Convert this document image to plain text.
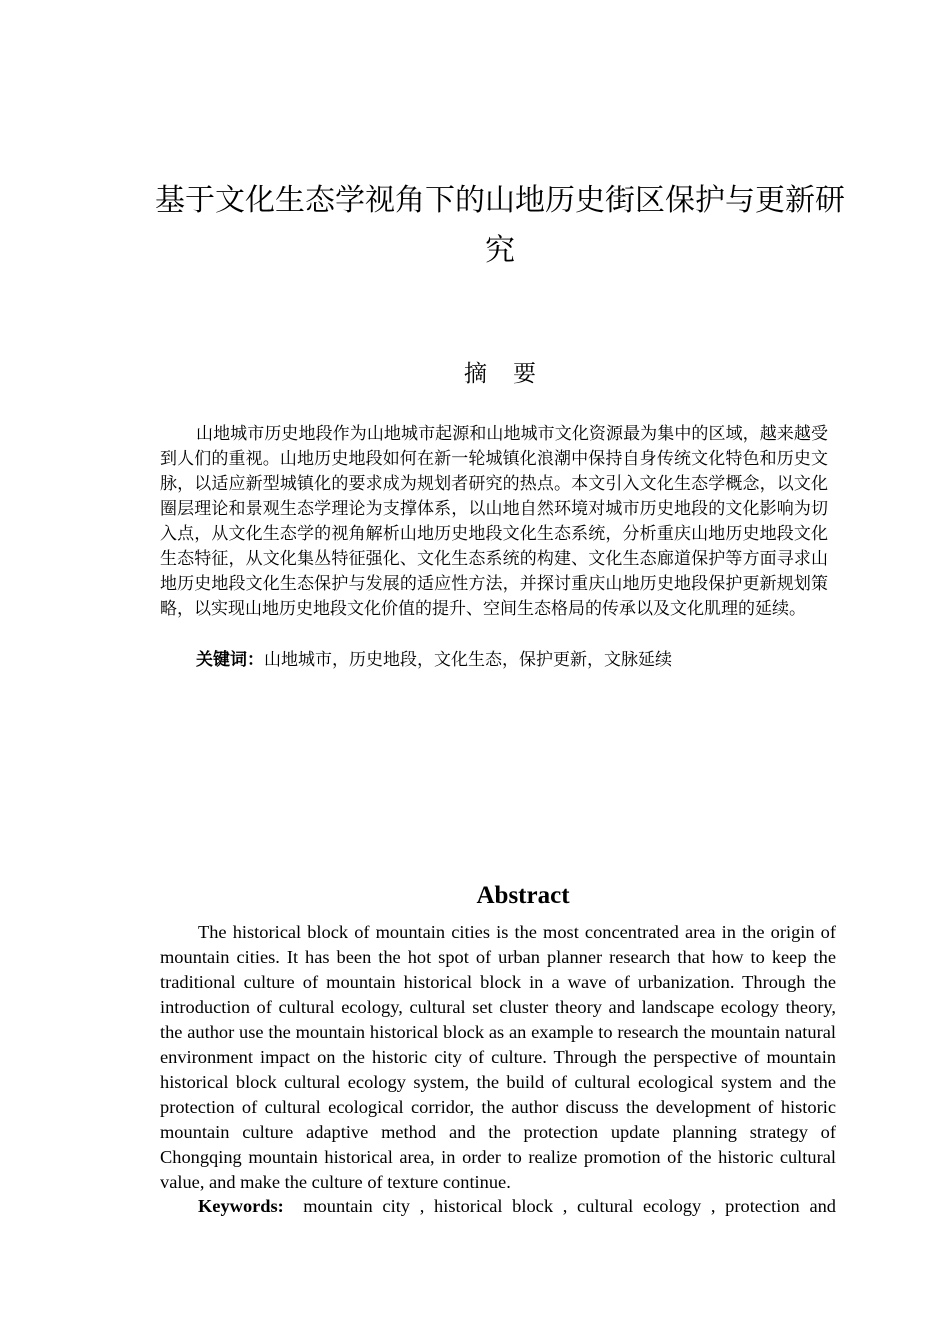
基于文化生态学视角下的山地历史街区保护与更新研究
摘要

山地城市历史地段作为山地城市起源和山地城市文化资源最为集中的区域，越来越受到人们的重视。山地历史地段如何在新一轮城镇化浪潮中保持自身传统文化特色和历史文脉，以适应新型城镇化的要求成为规划者研究的热点。本文引入文化生态学概念，以文化圈层理论和景观生态学理论为支撑体系，以山地自然环境对城市历史地段的文化影响为切入点，从文化生态学的视角解析山地历史地段文化生态系统，分析重庆山地历史地段文化生态特征，从文化集丛特征强化、文化生态系统的构建、文化生态廊道保护等方面寻求山地历史地段文化生态保护与发展的适应性方法，并探讨重庆山地历史地段保护更新规划策略，以实现山地历史地段文化价值的提升、空间生态格局的传承以及文化肌理的延续。

关键词：山地城市，历史地段，文化生态，保护更新，文脉延续

Abstract

The historical block of mountain cities is the most concentrated area in the origin of mountain cities. It has been the hot spot of urban planner research that how to keep the traditional culture of mountain historical block in a wave of urbanization. Through the introduction of cultural ecology, cultural set cluster theory and landscape ecology theory, the author use the mountain historical block as an example to research the mountain natural environment impact on the historic city of culture. Through the perspective of mountain historical block cultural ecology system, the build of cultural ecological system and the protection of cultural ecological corridor, the author discuss the development of historic mountain culture adaptive method and the protection update planning strategy of Chongqing mountain historical area, in order to realize promotion of the historic cultural value, and make the culture of texture continue.

Keywords: mountain city , historical block , cultural ecology , protection and
